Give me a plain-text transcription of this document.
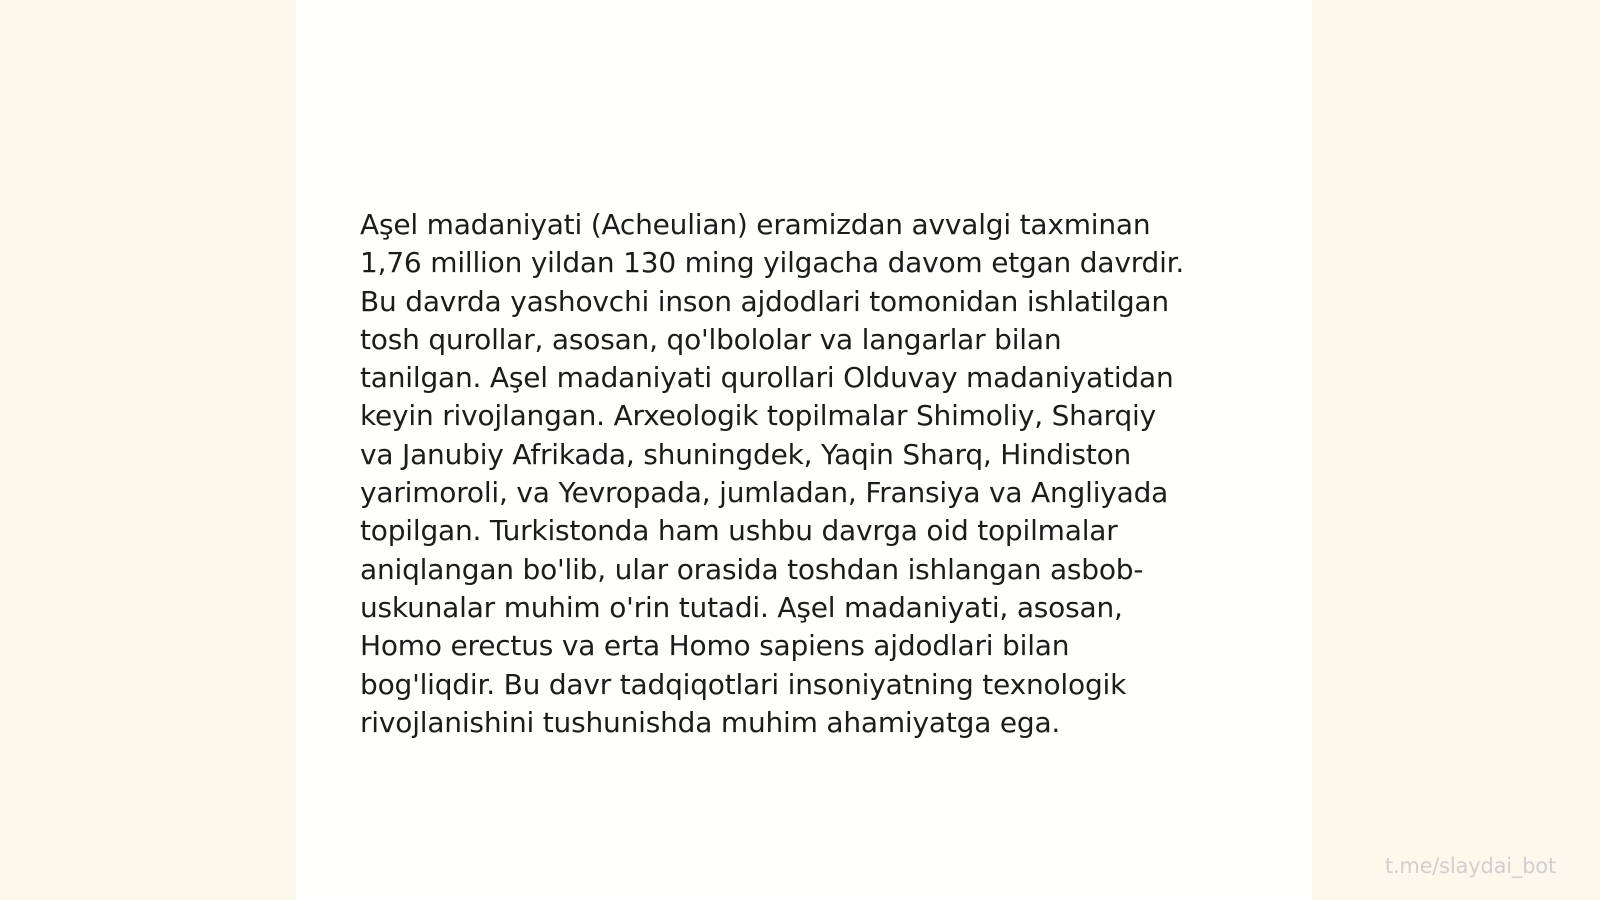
Aşel madaniyati (Acheulian) eramizdan avvalgi taxminan
1,76 million yildan 130 ming yilgacha davom etgan davrdir.
Bu davrda yashovchi inson ajdodlari tomonidan ishlatilgan
tosh qurollar, asosan, qo'lbololar va langarlar bilan
tanilgan. Aşel madaniyati qurollari Olduvay madaniyatidan
keyin rivojlangan. Arxeologik topilmalar Shimoliy, Sharqiy
va Janubiy Afrikada, shuningdek, Yaqin Sharq, Hindiston
yarimoroli, va Yevropada, jumladan, Fransiya va Angliyada
topilgan. Turkistonda ham ushbu davrga oid topilmalar
aniqlangan bo'lib, ular orasida toshdan ishlangan asbob-
uskunalar muhim o'rin tutadi. Aşel madaniyati, asosan,
Homo erectus va erta Homo sapiens ajdodlari bilan
bog'liqdir. Bu davr tadqiqotlari insoniyatning texnologik
rivojlanishini tushunishda muhim ahamiyatga ega.

t.me/slaydai_bot
